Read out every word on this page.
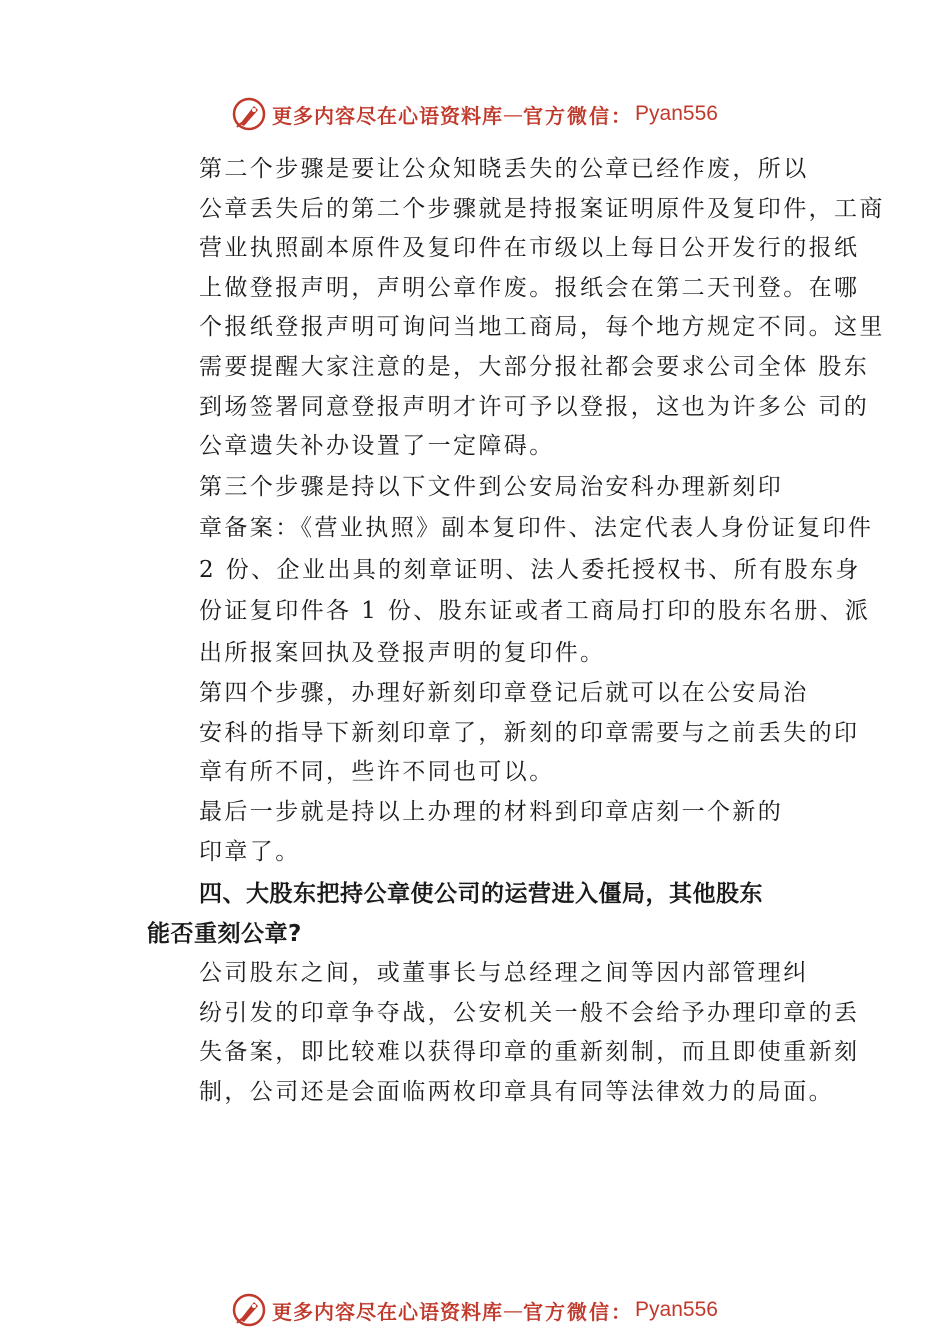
更多内容尽在心语资料库 — 官方微信： Pyan556

第二个步骤是要让公众知晓丢失的公章已经作废，所以
公章丢失后的第二个步骤就是持报案证明原件及复印件，工商
营业执照副本原件及复印件在市级以上每日公开发行的报纸
上做登报声明，声明公章作废。报纸会在第二天刊登。在哪
个报纸登报声明可询问当地工商局，每个地方规定不同。这里
需要提醒大家注意的是，大部分报社都会要求公司全体 股东
到场签署同意登报声明才许可予以登报，这也为许多公 司的
公章遗失补办设置了一定障碍。

第三个步骤是持以下文件到公安局治安科办理新刻印
章备案：《营业执照》副本复印件、法定代表人身份证复印件
2 份、企业出具的刻章证明、法人委托授权书、所有股东身
份证复印件各 1 份、股东证或者工商局打印的股东名册、派
出所报案回执及登报声明的复印件。

第四个步骤，办理好新刻印章登记后就可以在公安局治
安科的指导下新刻印章了，新刻的印章需要与之前丢失的印
章有所不同，些许不同也可以。

最后一步就是持以上办理的材料到印章店刻一个新的
印章了。

四、大股东把持公章使公司的运营进入僵局，其他股东
能否重刻公章?

公司股东之间，或董事长与总经理之间等因内部管理纠
纷引发的印章争夺战，公安机关一般不会给予办理印章的丢
失备案，即比较难以获得印章的重新刻制，而且即使重新刻
制，公司还是会面临两枚印章具有同等法律效力的局面。

更多内容尽在心语资料库 — 官方微信： Pyan556
